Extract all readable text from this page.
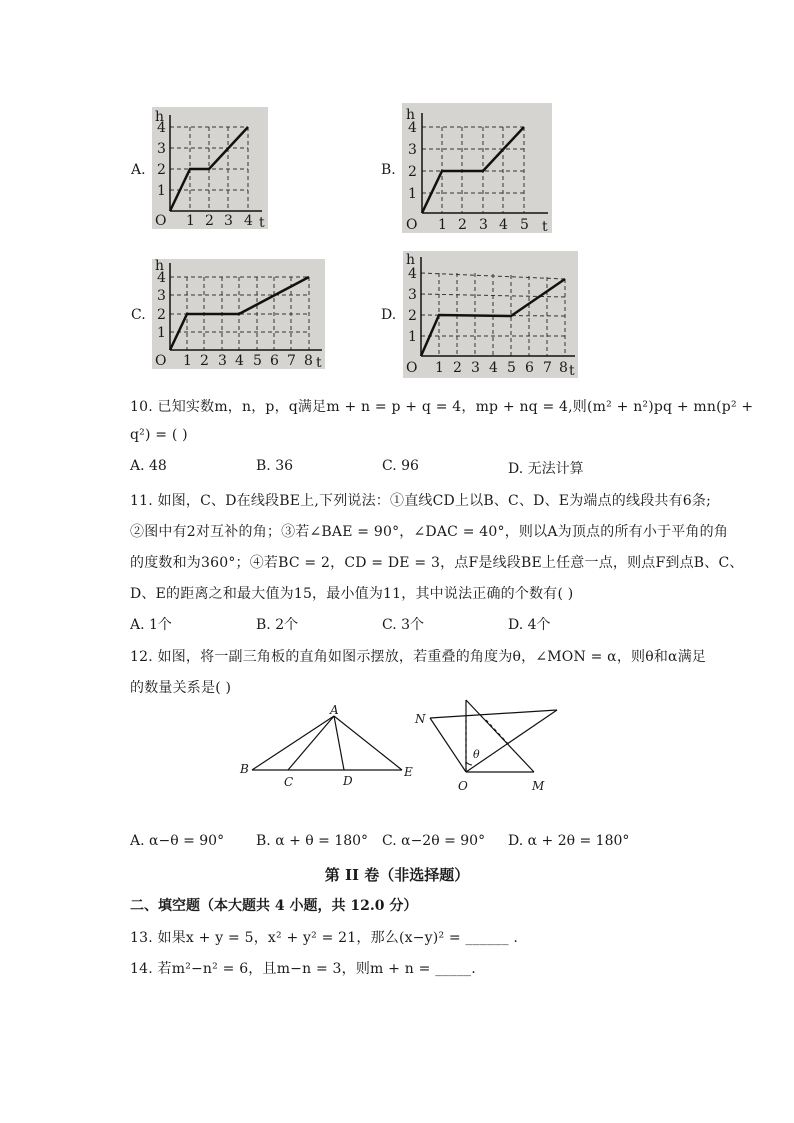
A.
h
4
3
2
1
O 1 2 3 4 t
B.
h
4
3
2
1
O 1 2 3 4 5 t
C.
h
4
3
2
1
O 1 2 3 4 5 6 7 8 t
D.
h
4
3
2
1
O 1 2 3 4 5 6 7 8 t
10. 已知实数m，n，p，q满足m + n = p + q = 4，mp + nq = 4,则(m² + n²)pq + mn(p² +
q²) = ( )
A. 48	B. 36	C. 96	D. 无法计算
11. 如图，C、D在线段BE上,下列说法：①直线CD上以B、C、D、E为端点的线段共有6条;
②图中有2对互补的角；③若∠BAE = 90°，∠DAC = 40°，则以A为顶点的所有小于平角的角
的度数和为360°；④若BC = 2，CD = DE = 3，点F是线段BE上任意一点，则点F到点B、C、
D、E的距离之和最大值为15，最小值为11，其中说法正确的个数有( )
A. 1个	B. 2个	C. 3个	D. 4个
12. 如图，将一副三角板的直角如图示摆放，若重叠的角度为θ，∠MON = α，则θ和α满足
的数量关系是( )
A
B
C	D
E
N
O	M
θ
A. α−θ = 90° B. α + θ = 180° C. α−2θ = 90° D. α + 2θ = 180°
第 II 卷（非选择题）
二、填空题（本大题共 4 小题，共 12.0 分）
13. 如果x + y = 5，x² + y² = 21，那么(x−y)² = ______ .
14. 若m²−n² = 6，且m−n = 3，则m + n = _____.
